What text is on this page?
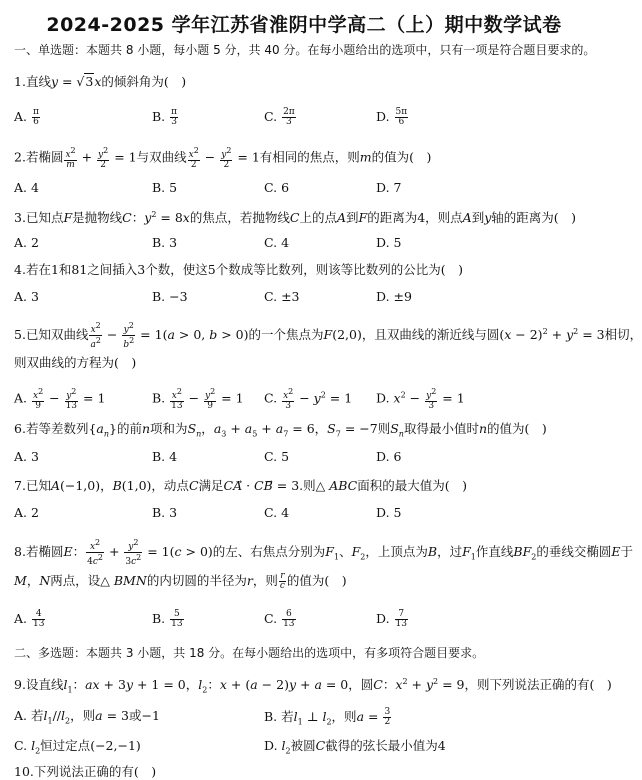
2024-2025 学年江苏省淮阴中学高二（上）期中数学试卷
一、单选题：本题共 8 小题，每小题 5 分，共 40 分。在每小题给出的选项中，只有一项是符合题目要求的。
1.直线y = √3x的倾斜角为(　)
A. $\frac{\pi}{6}$	B. $\frac{\pi}{3}$	C. $\frac{2\pi}{3}$	D. $\frac{5\pi}{6}$
2.若椭圆 $\frac{x^2}{m} + \frac{y^2}{2} = 1$与双曲线 $\frac{x^2}{2} - \frac{y^2}{2} = 1$有相同的焦点，则m的值为(　)
A. 4	B. 5	C. 6	D. 7
3.已知点F是抛物线C：$y^2 = 8x$的焦点，若抛物线C上的点A到F的距离为4，则点A到y轴的距离为(　)
A. 2	B. 3	C. 4	D. 5
4.若在1和81之间插入3个数，使这5个数成等比数列，则该等比数列的公比为(　)
A. 3	B. −3	C. ±3	D. ±9
5.已知双曲线 $\frac{x^2}{a^2} - \frac{y^2}{b^2} = 1(a > 0$, b > 0)的一个焦点为F(2,0)，且双曲线的渐近线与圆$(x - 2)^2 + y^2 = 3$相切，
则双曲线的方程为(　)
A. $\frac{x^2}{9} - \frac{y^2}{13} = 1$	B. $\frac{x^2}{13} - \frac{y^2}{9} = 1$ C. $\frac{x^2}{3} - y^2 = 1$ D. $x^2 - \frac{y^2}{3} = 1$
6.若等差数列$\{a_n\}$的前n项和为$S_n$，$a_3 + a_5 + a_7 = 6$，$S_7 = -7$则$S_n$取得最小值时n的值为(　)
A. 3	B. 4	C. 5	D. 6
7.已知A(−1,0)，B(1,0)，动点C满足CA⃗ · CB⃗ = 3.则△ ABC面积的最大值为(　)
A. 2	B. 3	C. 4	D. 5
8.若椭圆E： $\frac{x^2}{4c^2} + \frac{y^2}{3c^2} = 1(c > 0)$的左、右焦点分别为$F_1$、$F_2$，上顶点为B，过$F_1$作直线$BF_2$的垂线交椭圆E于
M，N两点，设△ BMN的内切圆的半径为r，则 $\frac{r}{c}$ 的值为(　)
A. $\frac{4}{13}$	B. $\frac{5}{13}$	C. $\frac{6}{13}$	D. $\frac{7}{13}$
二、多选题：本题共 3 小题，共 18 分。在每小题给出的选项中，有多项符合题目要求。
9.设直线$l_1$：ax + 3y + 1 = 0，$l_2$：x + (a − 2)y + a = 0，圆C：$x^2 + y^2 = 9$，则下列说法正确的有(　)
A. 若$l_1//l_2$，则a = 3或−1	B. 若$l_1$ ⊥ $l_2$，则$a = \frac{3}{2}$
C. $l_2$恒过定点(−2,−1)	D. $l_2$被圆C截得的弦长最小值为4
10.下列说法正确的有(　)
